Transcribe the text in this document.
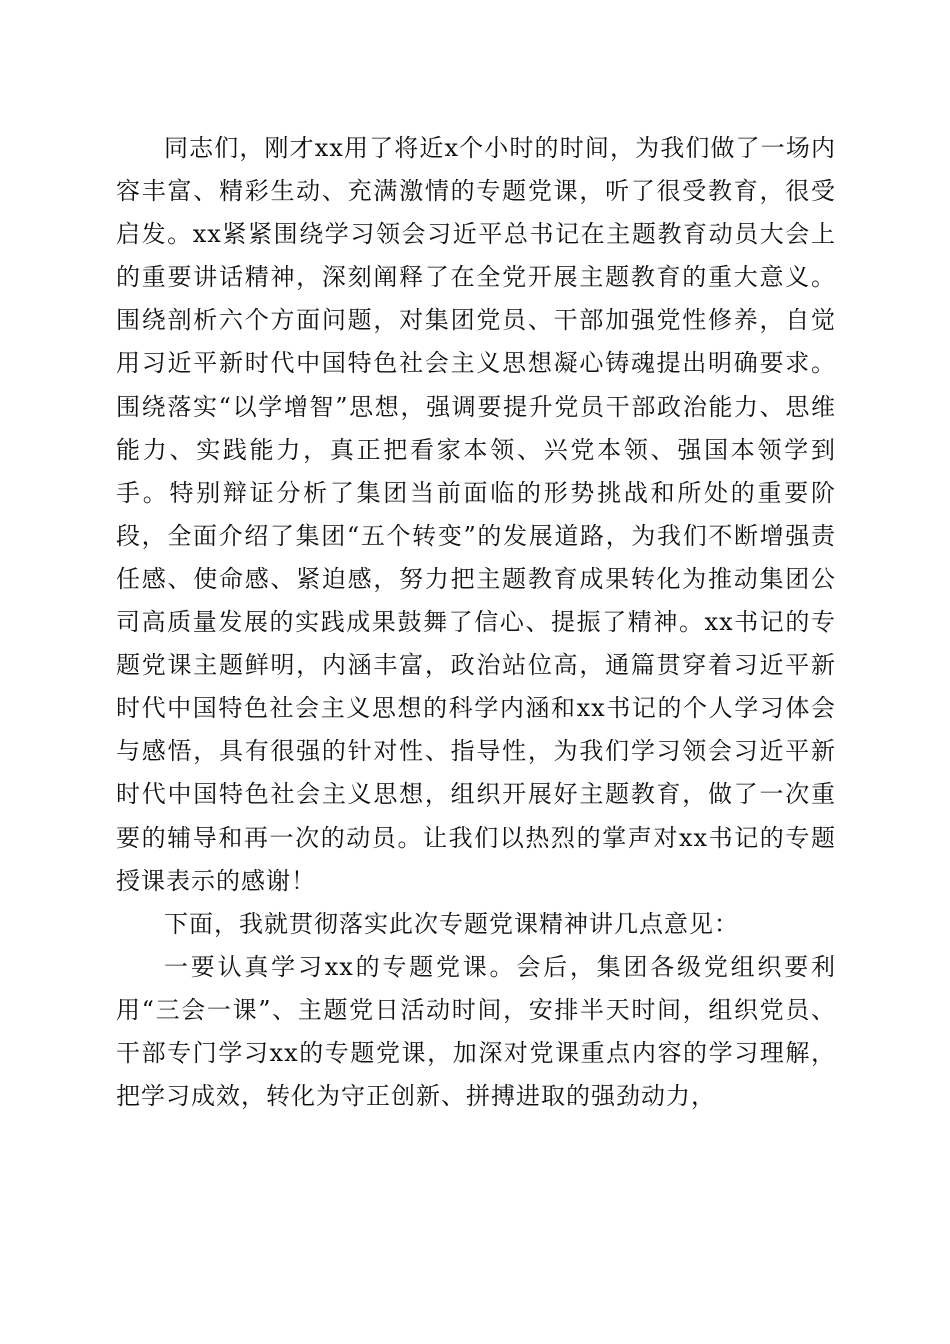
同志们，刚才xx用了将近x个小时的时间，为我们做了一场内容丰富、精彩生动、充满激情的专题党课，听了很受教育，很受启发。xx紧紧围绕学习领会习近平总书记在主题教育动员大会上的重要讲话精神，深刻阐释了在全党开展主题教育的重大意义。围绕剖析六个方面问题，对集团党员、干部加强党性修养，自觉用习近平新时代中国特色社会主义思想凝心铸魂提出明确要求。围绕落实“以学增智”思想，强调要提升党员干部政治能力、思维能力、实践能力，真正把看家本领、兴党本领、强国本领学到手。特别辩证分析了集团当前面临的形势挑战和所处的重要阶段，全面介绍了集团“五个转变”的发展道路，为我们不断增强责任感、使命感、紧迫感，努力把主题教育成果转化为推动集团公司高质量发展的实践成果鼓舞了信心、提振了精神。xx书记的专题党课主题鲜明，内涵丰富，政治站位高，通篇贯穿着习近平新时代中国特色社会主义思想的科学内涵和xx书记的个人学习体会与感悟，具有很强的针对性、指导性，为我们学习领会习近平新时代中国特色社会主义思想，组织开展好主题教育，做了一次重要的辅导和再一次的动员。让我们以热烈的掌声对xx书记的专题授课表示的感谢！

下面，我就贯彻落实此次专题党课精神讲几点意见：

一要认真学习xx的专题党课。会后，集团各级党组织要利用“三会一课”、主题党日活动时间，安排半天时间，组织党员、干部专门学习xx的专题党课，加深对党课重点内容的学习理解，把学习成效，转化为守正创新、拼搏进取的强劲动力，
